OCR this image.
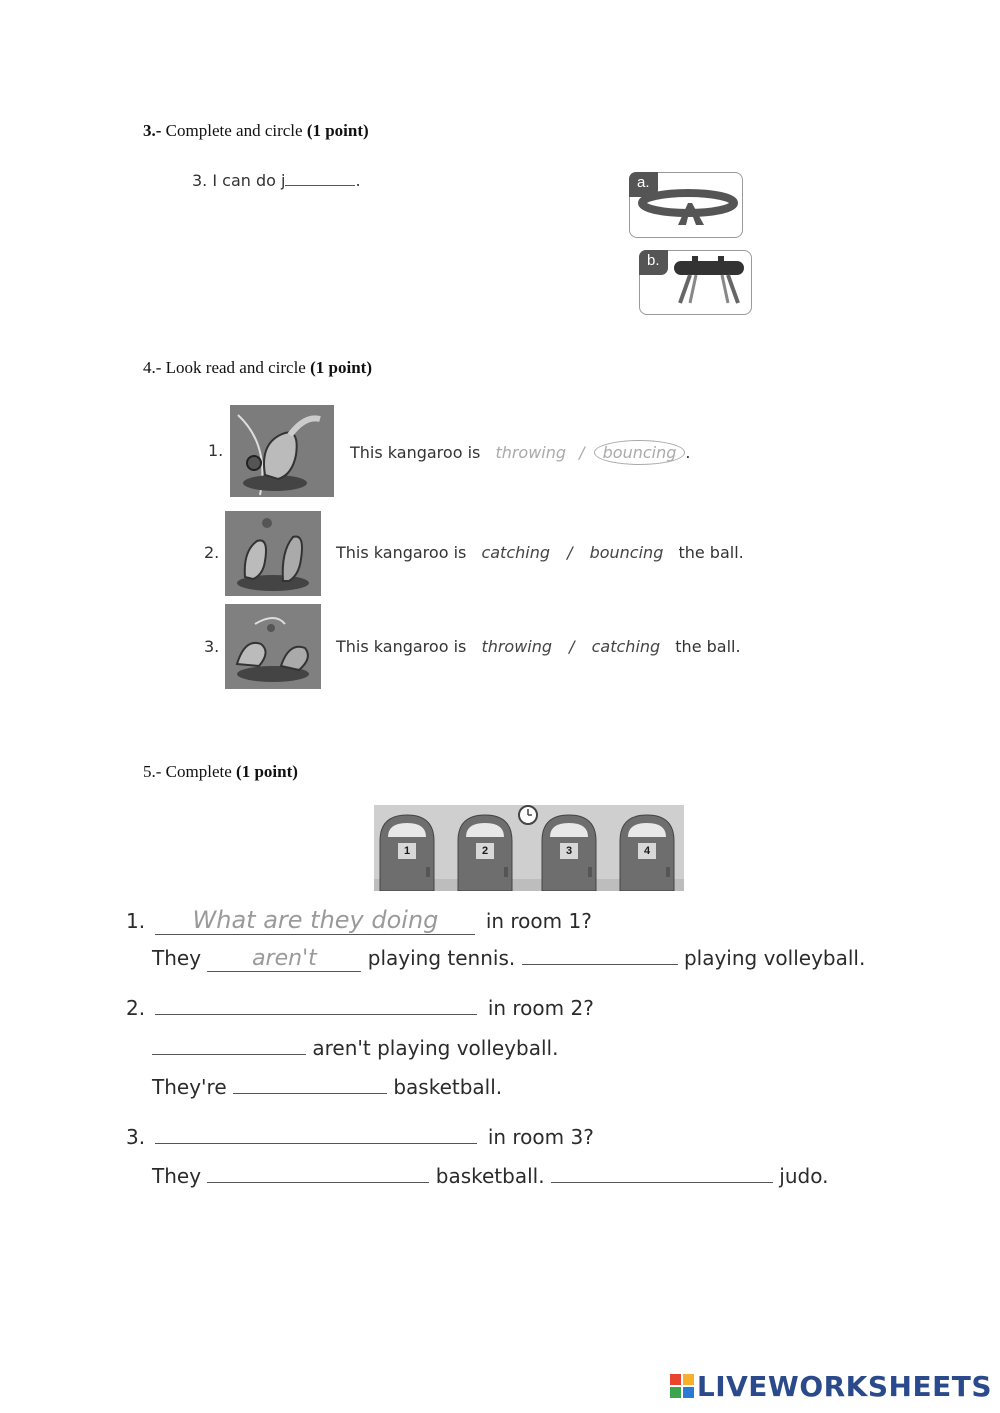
3.- Complete and circle (1 point)
3. I can do j	.	a.
b.
4.- Look read and circle (1 point)
1.	This kangaroo is throwing / bouncing .
2.	This kangaroo is catching / bouncing the ball.
3.	This kangaroo is throwing / catching the ball.
5.- Complete (1 point)
1	2	3	4
1. What are they doing in room 1?
They aren't	playing tennis.	playing volleyball.
2.	in room 2?
aren't playing volleyball.
They're	basketball.
3.	in room 3?
They	basketball.	judo.
LIVEWORKSHEETS
